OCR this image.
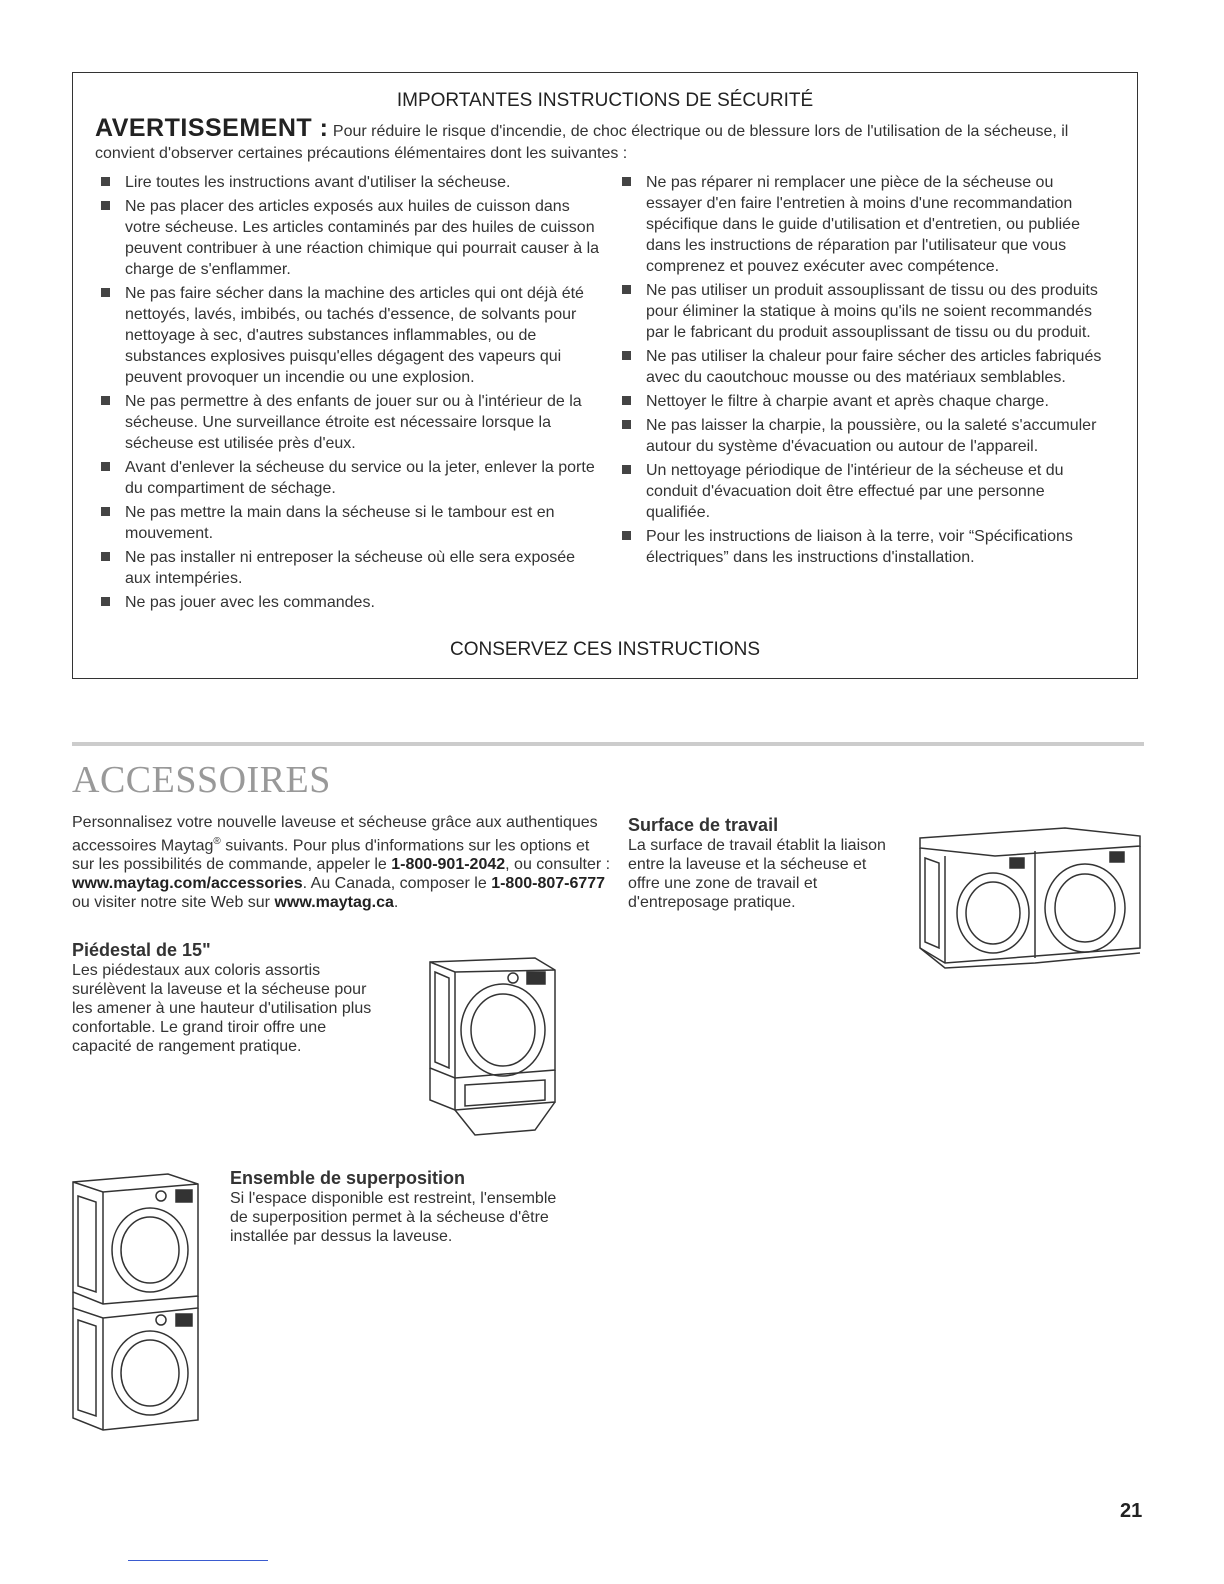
IMPORTANTES INSTRUCTIONS DE SÉCURITÉ
AVERTISSEMENT : Pour réduire le risque d'incendie, de choc électrique ou de blessure lors de l'utilisation de la sécheuse, il convient d'observer certaines précautions élémentaires dont les suivantes :
Lire toutes les instructions avant d'utiliser la sécheuse.
Ne pas placer des articles exposés aux huiles de cuisson dans votre sécheuse. Les articles contaminés par des huiles de cuisson peuvent contribuer à une réaction chimique qui pourrait causer à la charge de s'enflammer.
Ne pas faire sécher dans la machine des articles qui ont déjà été nettoyés, lavés, imbibés, ou tachés d'essence, de solvants pour nettoyage à sec, d'autres substances inflammables, ou de substances explosives puisqu'elles dégagent des vapeurs qui peuvent provoquer un incendie ou une explosion.
Ne pas permettre à des enfants de jouer sur ou à l'intérieur de la sécheuse. Une surveillance étroite est nécessaire lorsque la sécheuse est utilisée près d'eux.
Avant d'enlever la sécheuse du service ou la jeter, enlever la porte du compartiment de séchage.
Ne pas mettre la main dans la sécheuse si le tambour est en mouvement.
Ne pas installer ni entreposer la sécheuse où elle sera exposée aux intempéries.
Ne pas jouer avec les commandes.
Ne pas réparer ni remplacer une pièce de la sécheuse ou essayer d'en faire l'entretien à moins d'une recommandation spécifique dans le guide d'utilisation et d'entretien, ou publiée dans les instructions de réparation par l'utilisateur que vous comprenez et pouvez exécuter avec compétence.
Ne pas utiliser un produit assouplissant de tissu ou des produits pour éliminer la statique à moins qu'ils ne soient recommandés par le fabricant du produit assouplissant de tissu ou du produit.
Ne pas utiliser la chaleur pour faire sécher des articles fabriqués avec du caoutchouc mousse ou des matériaux semblables.
Nettoyer le filtre à charpie avant et après chaque charge.
Ne pas laisser la charpie, la poussière, ou la saleté s'accumuler autour du système d'évacuation ou autour de l'appareil.
Un nettoyage périodique de l'intérieur de la sécheuse et du conduit d'évacuation doit être effectué par une personne qualifiée.
Pour les instructions de liaison à la terre, voir “Spécifications électriques” dans les instructions d'installation.
CONSERVEZ CES INSTRUCTIONS
ACCESSOIRES
Personnalisez votre nouvelle laveuse et sécheuse grâce aux authentiques accessoires Maytag® suivants. Pour plus d'informations sur les options et sur les possibilités de commande, appeler le 1-800-901-2042, ou consulter : www.maytag.com/accessories. Au Canada, composer le 1-800-807-6777 ou visiter notre site Web sur www.maytag.ca.
Piédestal de 15"
Les piédestaux aux coloris assortis surélèvent la laveuse et la sécheuse pour les amener à une hauteur d'utilisation plus confortable. Le grand tiroir offre une capacité de rangement pratique.
Surface de travail
La surface de travail établit la liaison entre la laveuse et la sécheuse et offre une zone de travail et d'entreposage pratique.
Ensemble de superposition
Si l'espace disponible est restreint, l'ensemble de superposition permet à la sécheuse d'être installée par dessus la laveuse.
21
